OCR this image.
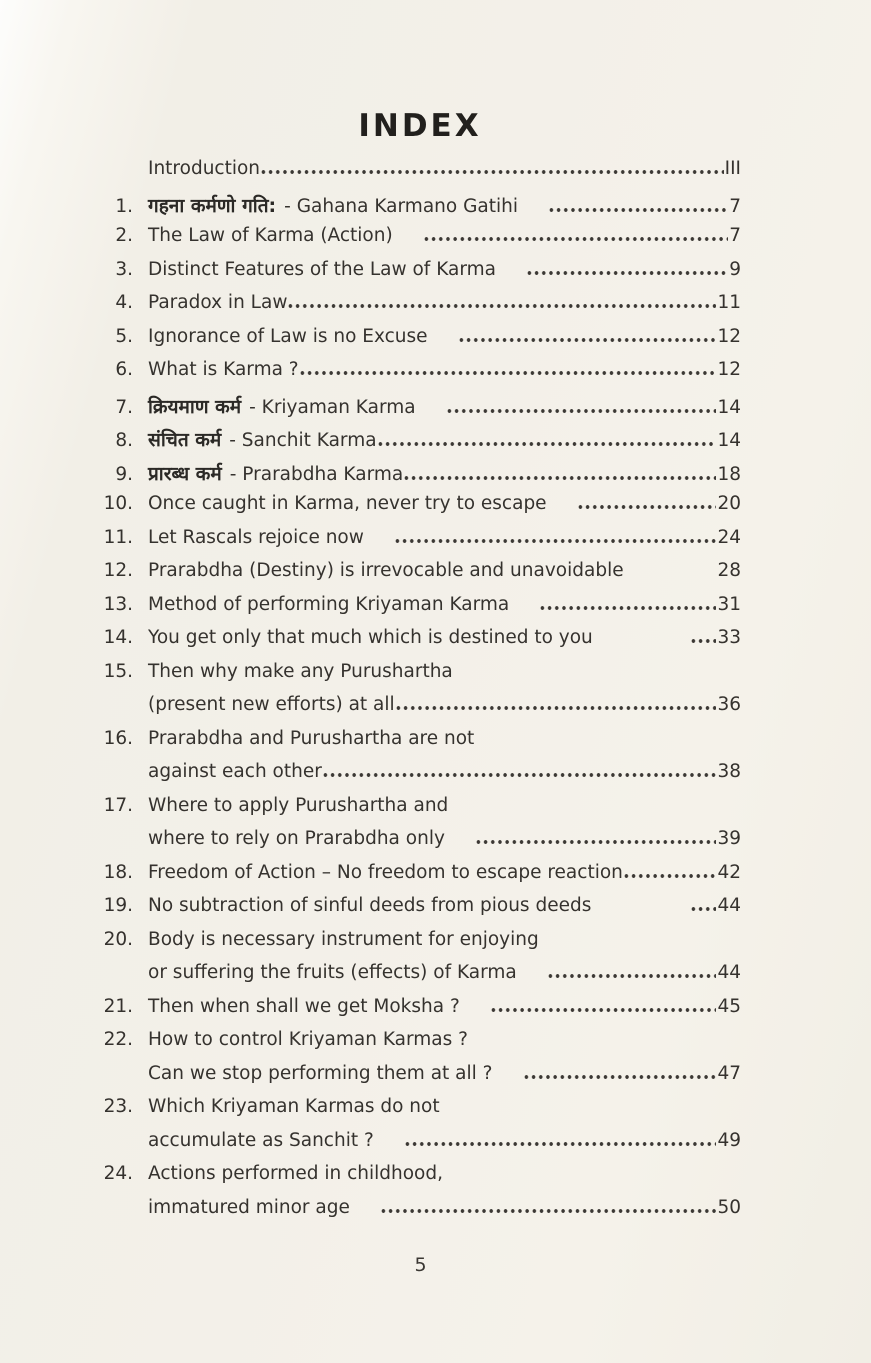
INDEX
Introduction	III
1. गहना कर्मणो गति: - Gahana Karmano Gatihi	7
2. The Law of Karma (Action)	7
3. Distinct Features of the Law of Karma	9
4. Paradox in Law	11
5. Ignorance of Law is no Excuse	12
6. What is Karma ?	12
7. क्रियमाण कर्म - Kriyaman Karma	14
8. संचित कर्म - Sanchit Karma	14
9. प्रारब्ध कर्म - Prarabdha Karma	18
10. Once caught in Karma, never try to escape	20
11. Let Rascals rejoice now	24
12. Prarabdha (Destiny) is irrevocable and unavoidable	28
13. Method of performing Kriyaman Karma	31
14. You get only that much which is destined to you	33
15. Then why make any Purushartha
(present new efforts) at all	36
16. Prarabdha and Purushartha are not
against each other	38
17. Where to apply Purushartha and
where to rely on Prarabdha only	39
18. Freedom of Action – No freedom to escape reaction	42
19. No subtraction of sinful deeds from pious deeds	44
20. Body is necessary instrument for enjoying
or suffering the fruits (effects) of Karma	44
21. Then when shall we get Moksha ?	45
22. How to control Kriyaman Karmas ?
Can we stop performing them at all ?	47
23. Which Kriyaman Karmas do not
accumulate as Sanchit ?	49
24. Actions performed in childhood,
immatured minor age	50
5
